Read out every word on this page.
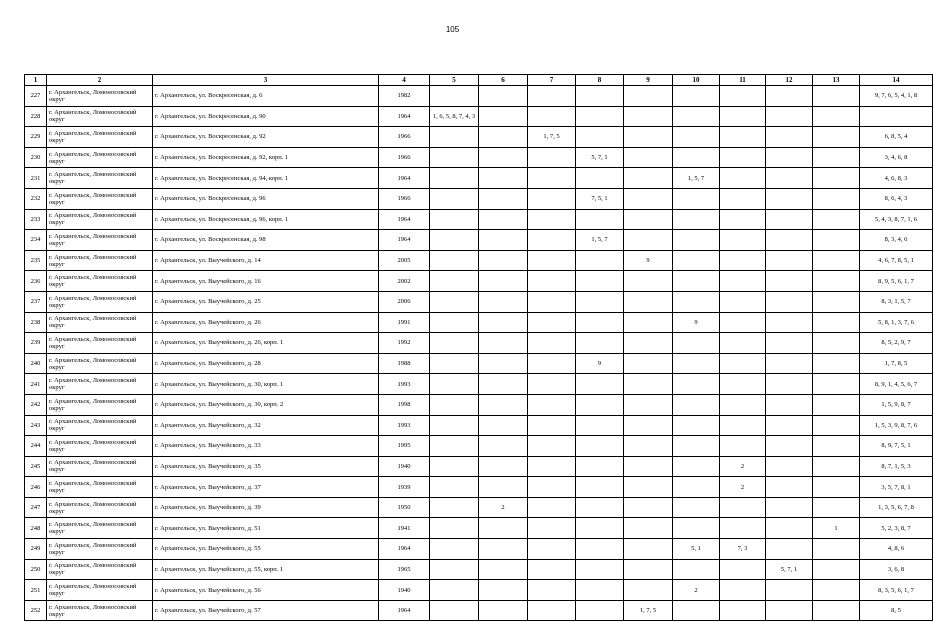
105
1	2	3	4	5	6	7	8	9	10	11	12	13	14
227	г. Архангельск, Ломоносовский округ	г. Архангельск, ул. Воскресенская, д. 6	1982										9, 7, 6, 5, 4, 1, 8
228	г. Архангельск, Ломоносовский округ	г. Архангельск, ул. Воскресенская, д. 90	1964	1, 6, 5, 8, 7, 4, 3									
229	г. Архангельск, Ломоносовский округ	г. Архангельск, ул. Воскресенская, д. 92	1966			1, 7, 5							6, 8, 5, 4
230	г. Архангельск, Ломоносовский округ	г. Архангельск, ул. Воскресенская, д. 92, корп. 1	1966				5, 7, 1						3, 4, 6, 8
231	г. Архангельск, Ломоносовский округ	г. Архангельск, ул. Воскресенская, д. 94, корп. 1	1964						1, 5, 7				4, 6, 8, 3
232	г. Архангельск, Ломоносовский округ	г. Архангельск, ул. Воскресенская, д. 96	1966				7, 5, 1						8, 6, 4, 3
233	г. Архангельск, Ломоносовский округ	г. Архангельск, ул. Воскресенская, д. 96, корп. 1	1964										5, 4, 3, 8, 7, 1, 6
234	г. Архангельск, Ломоносовский округ	г. Архангельск, ул. Воскресенская, д. 98	1964				1, 5, 7						8, 3, 4, 6
235	г. Архангельск, Ломоносовский округ	г. Архангельск, ул. Выучейского, д. 14	2005					9					4, 6, 7, 8, 5, 1
236	г. Архангельск, Ломоносовский округ	г. Архангельск, ул. Выучейского, д. 16	2002										8, 9, 5, 6, 1, 7
237	г. Архангельск, Ломоносовский округ	г. Архангельск, ул. Выучейского, д. 25	2006										8, 3, 1, 5, 7
238	г. Архангельск, Ломоносовский округ	г. Архангельск, ул. Выучейского, д. 26	1991						9				5, 8, 1, 3, 7, 6
239	г. Архангельск, Ломоносовский округ	г. Архангельск, ул. Выучейского, д. 26, корп. 1	1992										8, 5, 2, 9, 7
240	г. Архангельск, Ломоносовский округ	г. Архангельск, ул. Выучейского, д. 28	1988				9						1, 7, 8, 5
241	г. Архангельск, Ломоносовский округ	г. Архангельск, ул. Выучейского, д. 30, корп. 1	1993										8, 9, 1, 4, 5, 6, 7
242	г. Архангельск, Ломоносовский округ	г. Архангельск, ул. Выучейского, д. 30, корп. 2	1998										1, 5, 9, 8, 7
243	г. Архангельск, Ломоносовский округ	г. Архангельск, ул. Выучейского, д. 32	1993										1, 5, 3, 9, 8, 7, 6
244	г. Архангельск, Ломоносовский округ	г. Архангельск, ул. Выучейского, д. 33	1995										8, 9, 7, 5, 1
245	г. Архангельск, Ломоносовский округ	г. Архангельск, ул. Выучейского, д. 35	1940							2			8, 7, 1, 5, 3
246	г. Архангельск, Ломоносовский округ	г. Архангельск, ул. Выучейского, д. 37	1939							2			3, 5, 7, 8, 1
247	г. Архангельск, Ломоносовский округ	г. Архангельск, ул. Выучейского, д. 39	1950		2								1, 3, 5, 6, 7, 8
248	г. Архангельск, Ломоносовский округ	г. Архангельск, ул. Выучейского, д. 51	1941									1	5, 2, 3, 8, 7
249	г. Архангельск, Ломоносовский округ	г. Архангельск, ул. Выучейского, д. 55	1964						5, 1	7, 3			4, 8, 6
250	г. Архангельск, Ломоносовский округ	г. Архангельск, ул. Выучейского, д. 55, корп. 1	1965								5, 7, 1		3, 6, 8
251	г. Архангельск, Ломоносовский округ	г. Архангельск, ул. Выучейского, д. 56	1940						2				8, 3, 5, 6, 1, 7
252	г. Архангельск, Ломоносовский округ	г. Архангельск, ул. Выучейского, д. 57	1964					1, 7, 5					8, 5
